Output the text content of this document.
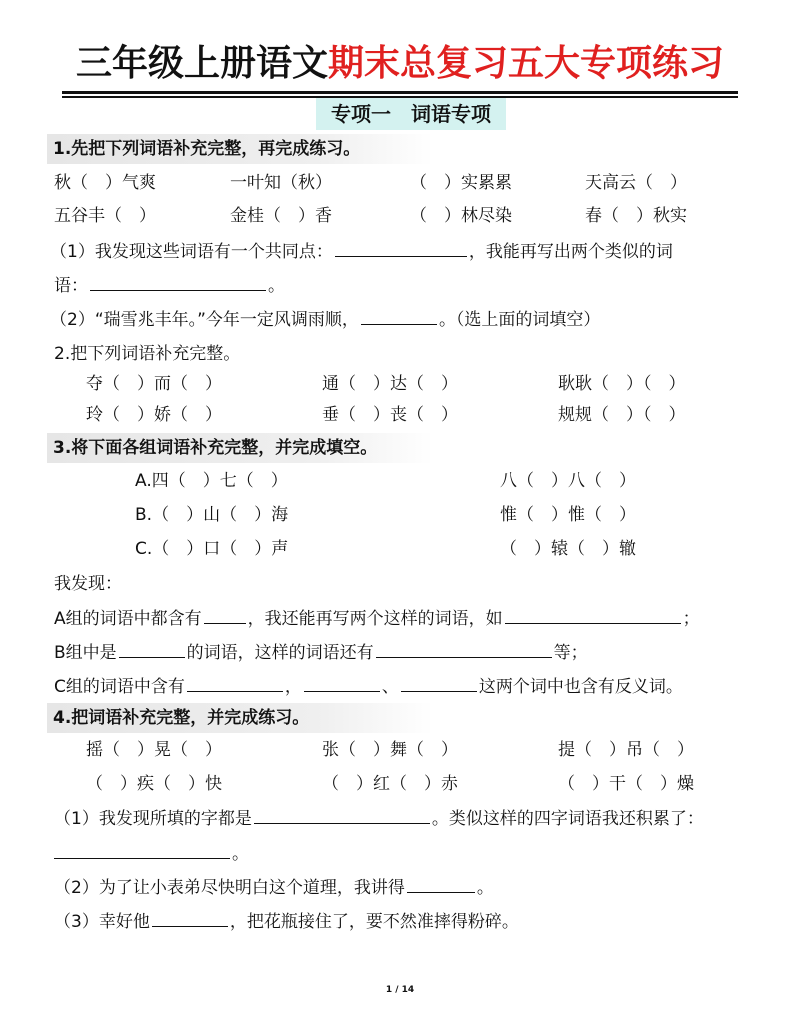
三年级上册语文期末总复习五大专项练习
专项一　词语专项
1.先把下列词语补充完整，再完成练习。
秋（　）气爽	一叶知（秋）	（　）实累累	天高云（　）
五谷丰（　）	金桂（　）香	（　）林尽染	春（　）秋实
（1）我发现这些词语有一个共同点：	，我能再写出两个类似的词
语：	。
（2）“瑞雪兆丰年。”今年一定风调雨顺，	。（选上面的词填空）
2.把下列词语补充完整。
夺（　）而（　）	通（　）达（　）	耿耿（　）（　）
玲（　）娇（　）	垂（　）丧（　）	规规（　）（　）
3.将下面各组词语补充完整，并完成填空。
A.四（　）七（　）	八（　）八（　）
B.（　）山（　）海	惟（　）惟（　）
C.（　）口（　）声	（　）辕（　）辙
我发现：
A组的词语中都含有	，我还能再写两个这样的词语，如	；
B组中是	的词语，这样的词语还有	等；
C组的词语中含有	，	、	这两个词中也含有反义词。
4.把词语补充完整，并完成练习。
摇（　）晃（　）	张（　）舞（　）	提（　）吊（　）
（　）疾（　）快	（　）红（　）赤	（　）干（　）燥
（1）我发现所填的字都是	。类似这样的四字词语我还积累了：
。
（2）为了让小表弟尽快明白这个道理，我讲得	。
（3）幸好他	，把花瓶接住了，要不然准摔得粉碎。
1 / 14
